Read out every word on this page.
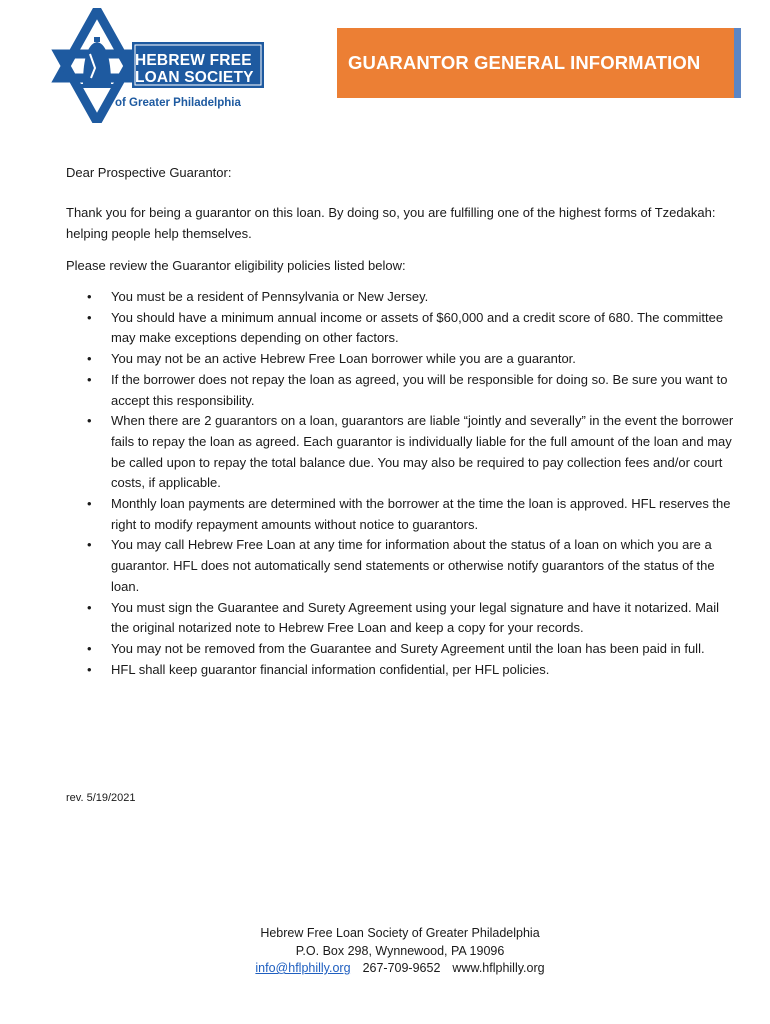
HEBREW FREE
LOAN SOCIETY
of Greater Philadelphia
GUARANTOR GENERAL INFORMATION
Dear Prospective Guarantor:
Thank you for being a guarantor on this loan. By doing so, you are fulfilling one of the highest forms of Tzedakah: helping people help themselves.
Please review the Guarantor eligibility policies listed below:
• You must be a resident of Pennsylvania or New Jersey.
• You should have a minimum annual income or assets of $60,000 and a credit score of 680. The committee may make exceptions depending on other factors.
• You may not be an active Hebrew Free Loan borrower while you are a guarantor.
• If the borrower does not repay the loan as agreed, you will be responsible for doing so. Be sure you want to accept this responsibility.
• When there are 2 guarantors on a loan, guarantors are liable “jointly and severally” in the event the borrower fails to repay the loan as agreed. Each guarantor is individually liable for the full amount of the loan and may be called upon to repay the total balance due. You may also be required to pay collection fees and/or court costs, if applicable.
• Monthly loan payments are determined with the borrower at the time the loan is approved. HFL reserves the right to modify repayment amounts without notice to guarantors.
• You may call Hebrew Free Loan at any time for information about the status of a loan on which you are a guarantor. HFL does not automatically send statements or otherwise notify guarantors of the status of the loan.
• You must sign the Guarantee and Surety Agreement using your legal signature and have it notarized. Mail the original notarized note to Hebrew Free Loan and keep a copy for your records.
• You may not be removed from the Guarantee and Surety Agreement until the loan has been paid in full.
• HFL shall keep guarantor financial information confidential, per HFL policies.
rev. 5/19/2021
Hebrew Free Loan Society of Greater Philadelphia
P.O. Box 298, Wynnewood, PA 19096
info@hflphilly.org 267-709-9652 www.hflphilly.org
